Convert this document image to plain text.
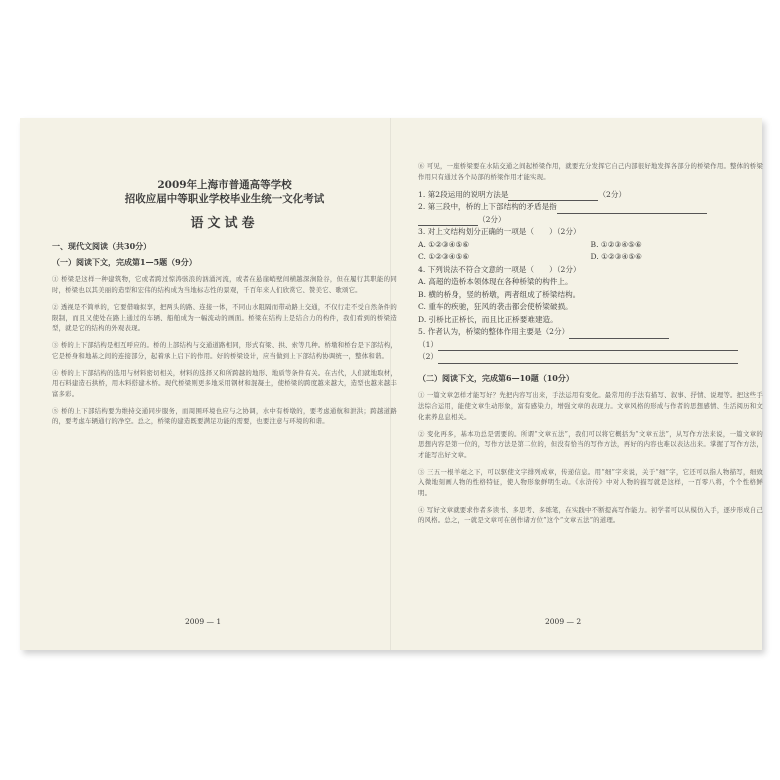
2009年上海市普通高等学校

招收应届中等职业学校毕业生统一文化考试

语文试卷

一、现代文阅读（共30分）

（一）阅读下文，完成第1—5题（9分）

① 桥梁是这样一种建筑物，它或者跨过惊涛骇浪的汹涌河流，或者在悬崖峭壁间横越深涧险谷，但在履行其职能的同时，桥梁也以其美丽的造型和宏伟的结构成为当地标志性的景观，千百年来人们欣赏它、赞美它、歌颂它。

② 透视是不简单的，它要借喻拟享，把两头的路、连接一体，不同山水阻隔而带动路上交通，不仅行走不受自然条件的限制，而且又使处在路上通过的车辆、船舶成为一幅流动的画面。桥梁在结构上是结合力的构件，我们看到的桥梁造型，就是它的结构的外观表现。

③ 桥的上下部结构是相互呼应的。桥的上部结构与交通道路相同，形式有梁、拱、索等几种。桥墩和桥台是下部结构，它是桥身和地基之间的连接部分，起着承上启下的作用。好的桥梁设计，应当做到上下部结构协调统一，整体和谐。

④ 桥的上下部结构的选用与材料密切相关，材料的选择又和所跨越的地形、地质等条件有关。在古代，人们就地取材，用石料建造石拱桥，用木料搭建木桥。现代桥梁则更多地采用钢材和混凝土，使桥梁的跨度越来越大，造型也越来越丰富多彩。

⑤ 桥的上下部结构要为维持交通同步服务，而周围环境也应与之协调，水中有桥墩的，要考虑通航和泄洪；跨越道路的，要考虑车辆通行的净空。总之，桥梁的建造既要满足功能的需要，也要注意与环境的和谐。

2009 — 1

⑥ 可见，一座桥梁要在水陆交通之间起桥梁作用，就要充分发挥它自己内部很好地发挥各部分的桥梁作用。整体的桥梁作用只有通过各个局部的桥梁作用才能实现。

1. 第2段运用的说明方法是	（2分）
2. 第三段中，桥的上下部结构的矛盾是指
（2分）
3. 对上文结构划分正确的一项是（　　）（2分）
A. ①②③④⑤⑥	B. ①②③④⑤⑥
C. ①②③④⑤⑥	D. ①②③④⑤⑥
4. 下列说法不符合文意的一项是（　　）（2分）
A. 高超的造桥本领体现在各种桥梁的构件上。
B. 横的桥身，竖的桥墩，两者组成了桥梁结构。
C. 重车的疾驰，狂风的袭击都会使桥梁破损。
D. 引桥比正桥长，而且比正桥要难建造。
5. 作者认为，桥梁的整体作用主要是（2分）
（1）
（2）

（二）阅读下文，完成第6—10题（10分）

① 一篇文章怎样才能写好？先把内容写出来，手法运用有变化。最常用的手法有描写、叙事、抒情、说理等。把这些手法综合运用，能使文章生动形象，富有感染力，增强文章的表现力。文章风格的形成与作者的思想感情、生活阅历和文化素养息息相关。

② 变化再多，基本功总是需要的。所谓“文章五法”，我们可以将它概括为“文章五法”，从写作方法来说，一篇文章的思想内容是第一位的，写作方法是第二位的，但没有恰当的写作方法，再好的内容也难以表达出来。掌握了写作方法，才能写出好文章。

③ 三五一根羊毫之下，可以驱使文字排列成章，传递信息。用“细”字来说，关于“细”字，它还可以指人物描写，细致入微地刻画人物的性格特征，使人物形象鲜明生动。《水浒传》中对人物的描写就是这样，一百零八将，个个性格鲜明。

④ 写好文章就要求作者多读书、多思考、多练笔，在实践中不断提高写作能力。初学者可以从模仿入手，逐步形成自己的风格。总之，一就是文章可在创作诸方位”这个“文章五法”的道理。

2009 — 2
